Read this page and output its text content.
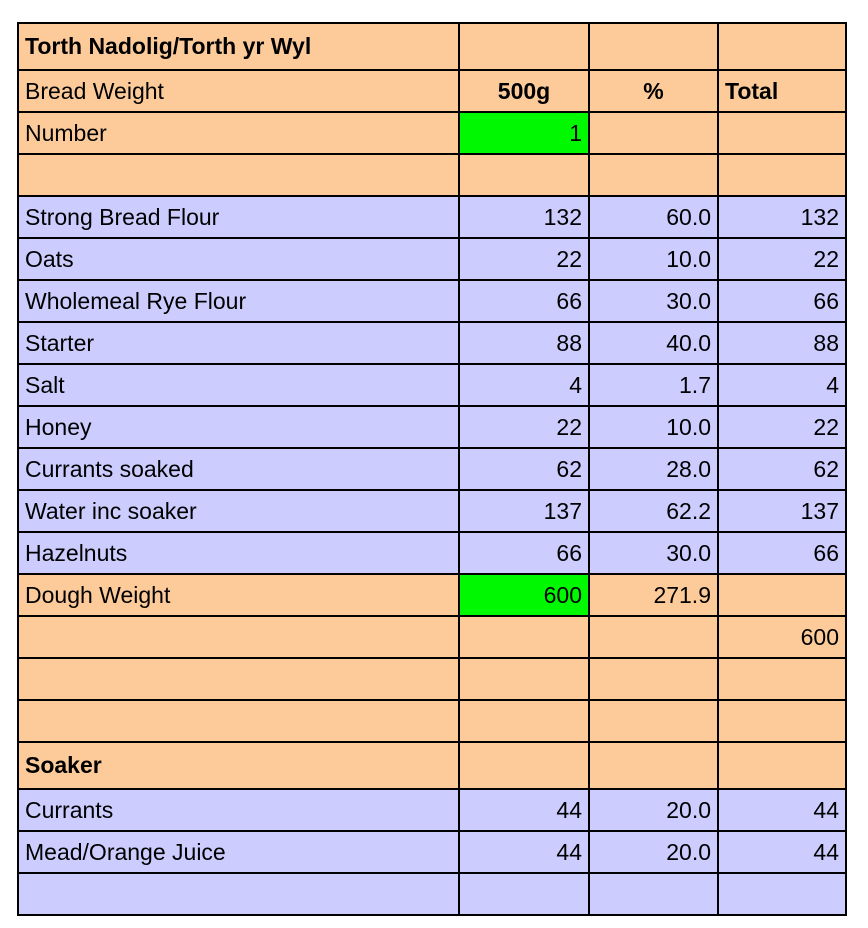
Torth Nadolig/Torth yr Wyl			
Bread Weight	500g	%	Total
Number	1		

Strong Bread Flour	132	60.0	132
Oats	22	10.0	22
Wholemeal Rye Flour	66	30.0	66
Starter	88	40.0	88
Salt	4	1.7	4
Honey	22	10.0	22
Currants soaked	62	28.0	62
Water inc soaker	137	62.2	137
Hazelnuts	66	30.0	66
Dough Weight	600	271.9	
			600

Soaker			
Currants	44	20.0	44
Mead/Orange Juice	44	20.0	44
